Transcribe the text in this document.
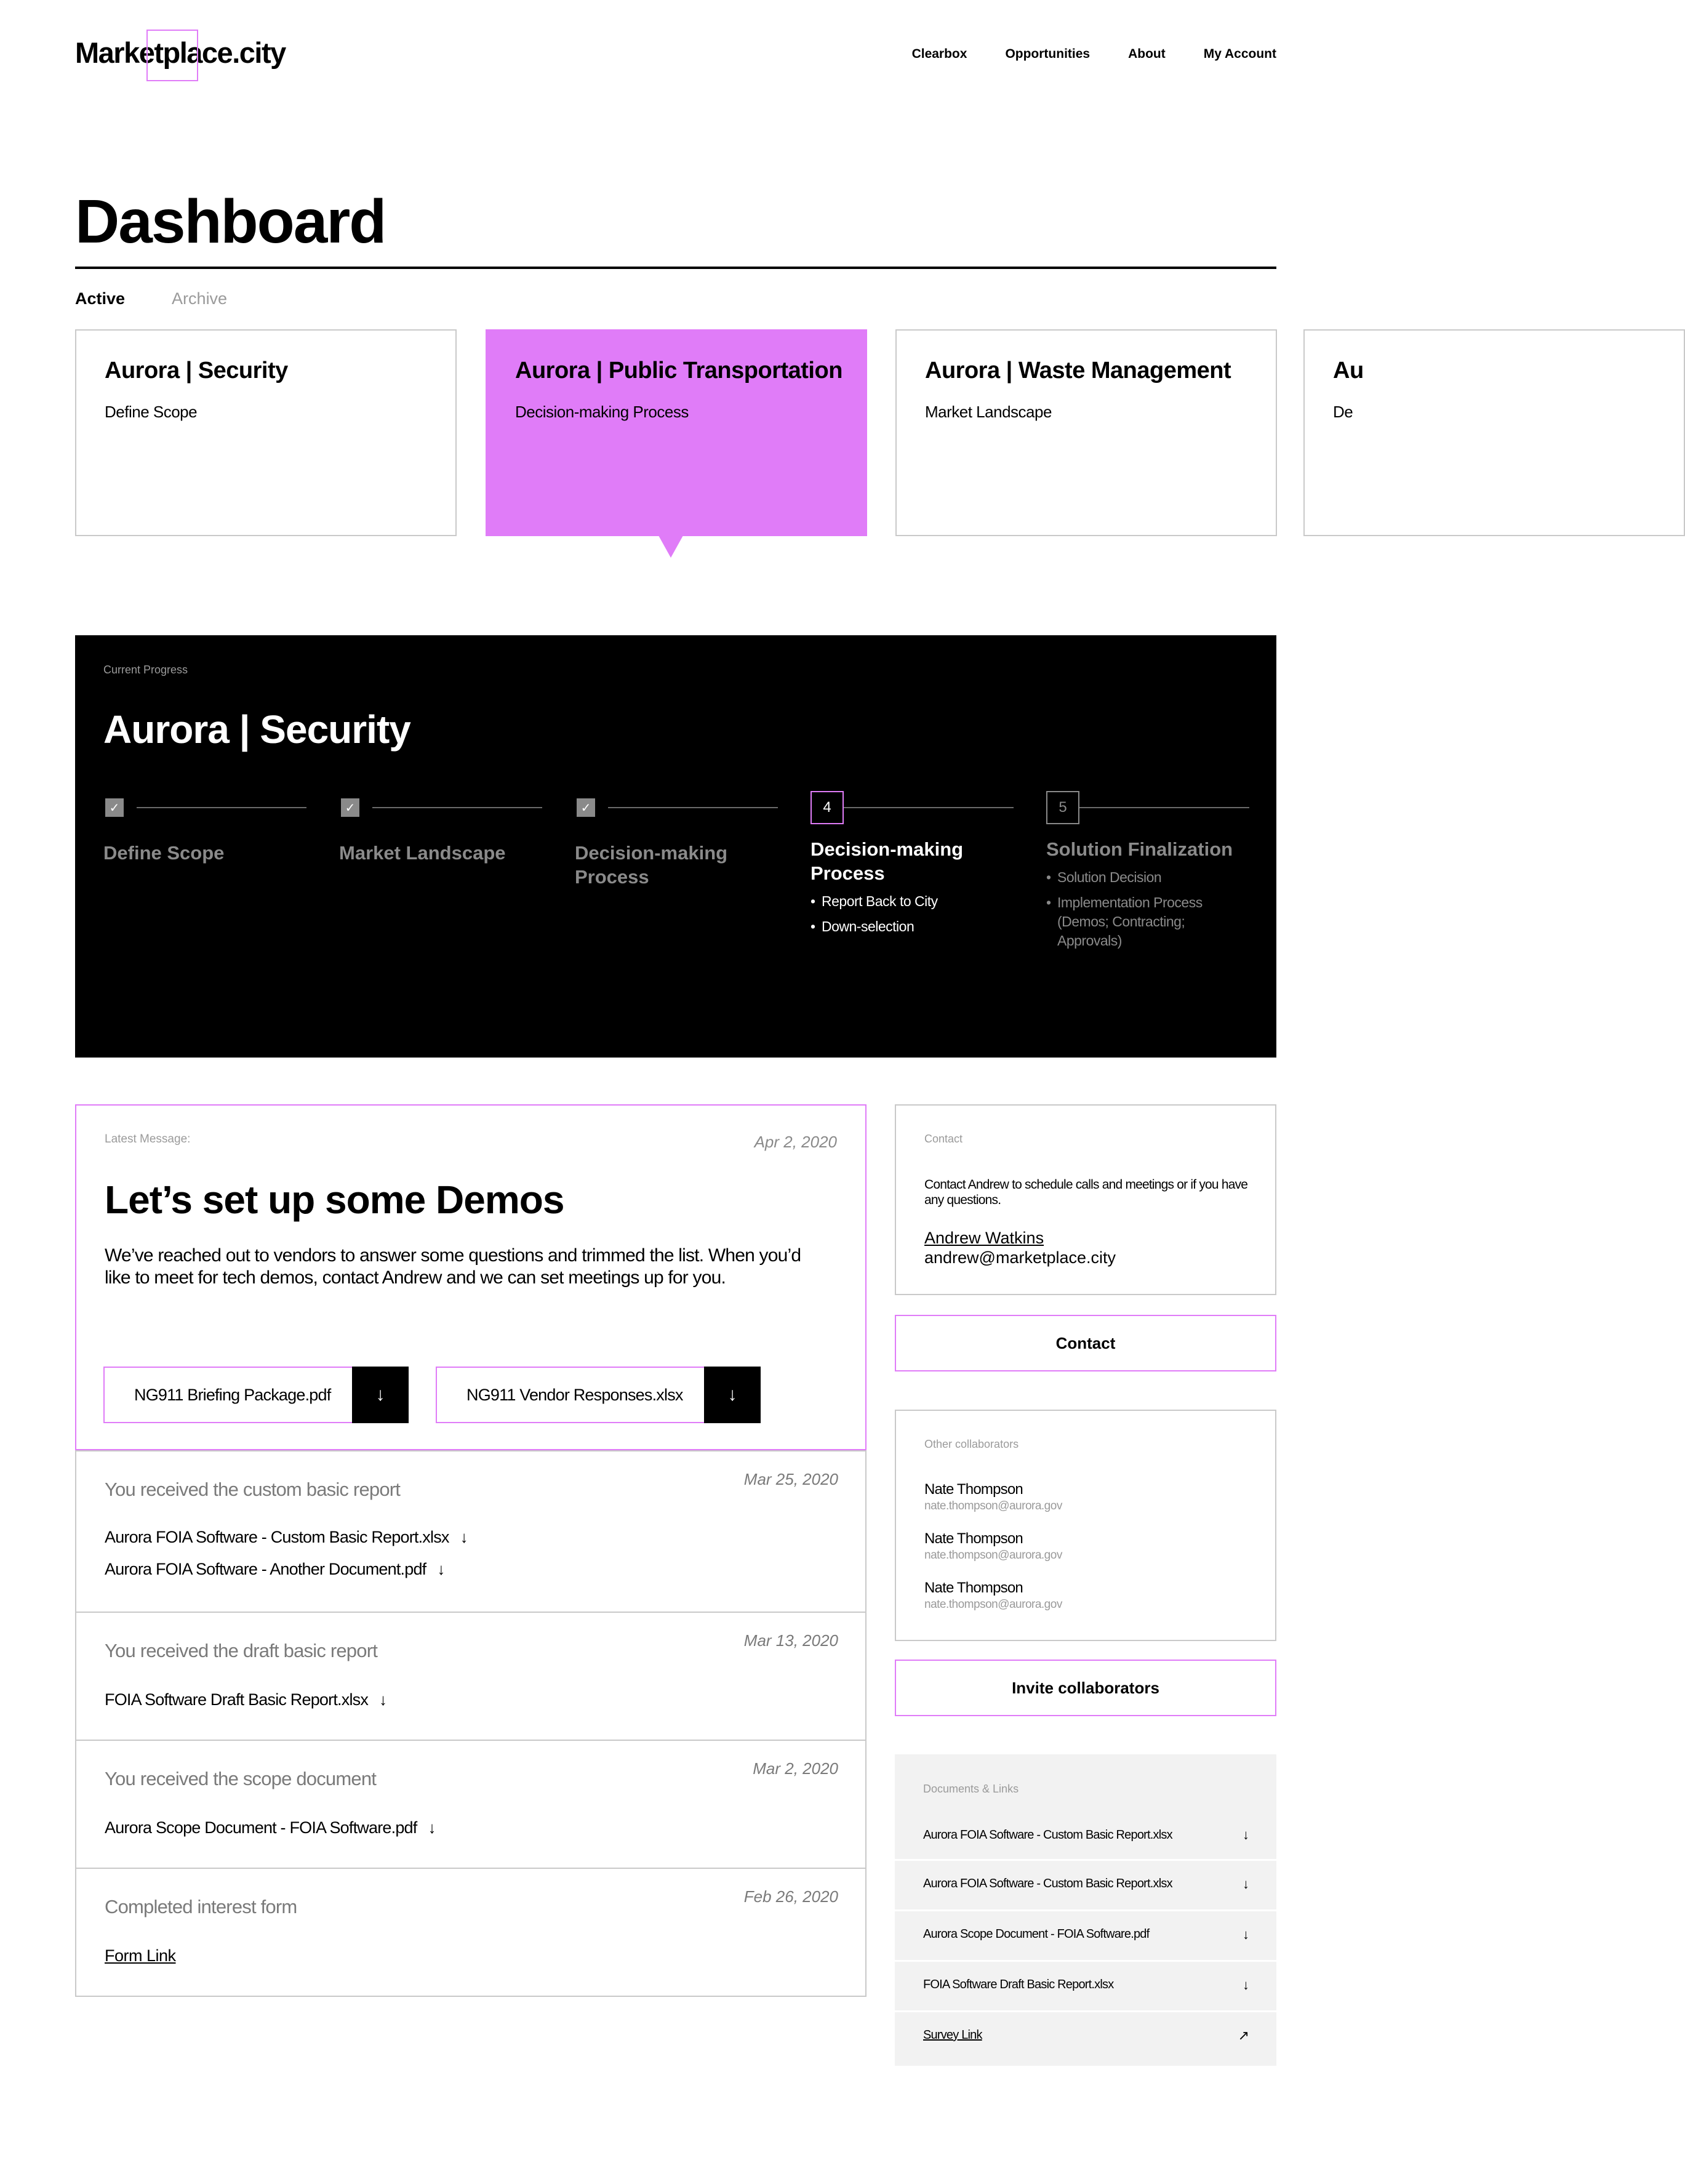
Marketplace.city	Clearbox	Opportunities	About	My Account
Dashboard
Active	Archive
Aurora | Security
Define Scope
Aurora | Public Transportation
Decision-making Process
Aurora | Waste Management
Market Landscape
Au
De
Current Progress
Aurora | Security
✓
Define Scope
✓
Market Landscape
✓
Decision-making Process
4
Decision-making Process
• Report Back to City
• Down-selection
5
Solution Finalization
• Solution Decision
• Implementation Process (Demos; Contracting; Approvals)
Latest Message:	Apr 2, 2020
Let’s set up some Demos
We’ve reached out to vendors to answer some questions and trimmed the list. When you’d like to meet for tech demos, contact Andrew and we can set meetings up for you.
NG911 Briefing Package.pdf	↓	NG911 Vendor Responses.xlsx	↓
You received the custom basic report	Mar 25, 2020
Aurora FOIA Software - Custom Basic Report.xlsx ↓
Aurora FOIA Software - Another Document.pdf ↓
You received the draft basic report	Mar 13, 2020
FOIA Software Draft Basic Report.xlsx ↓
You received the scope document	Mar 2, 2020
Aurora Scope Document - FOIA Software.pdf ↓
Completed interest form	Feb 26, 2020
Form Link
Contact
Contact Andrew to schedule calls and meetings or if you have any questions.
Andrew Watkins
andrew@marketplace.city
Contact
Other collaborators
Nate Thompson
nate.thompson@aurora.gov
Nate Thompson
nate.thompson@aurora.gov
Nate Thompson
nate.thompson@aurora.gov
Invite collaborators
Documents & Links
Aurora FOIA Software - Custom Basic Report.xlsx	↓
Aurora FOIA Software - Custom Basic Report.xlsx	↓
Aurora Scope Document - FOIA Software.pdf	↓
FOIA Software Draft Basic Report.xlsx	↓
Survey Link	↗
